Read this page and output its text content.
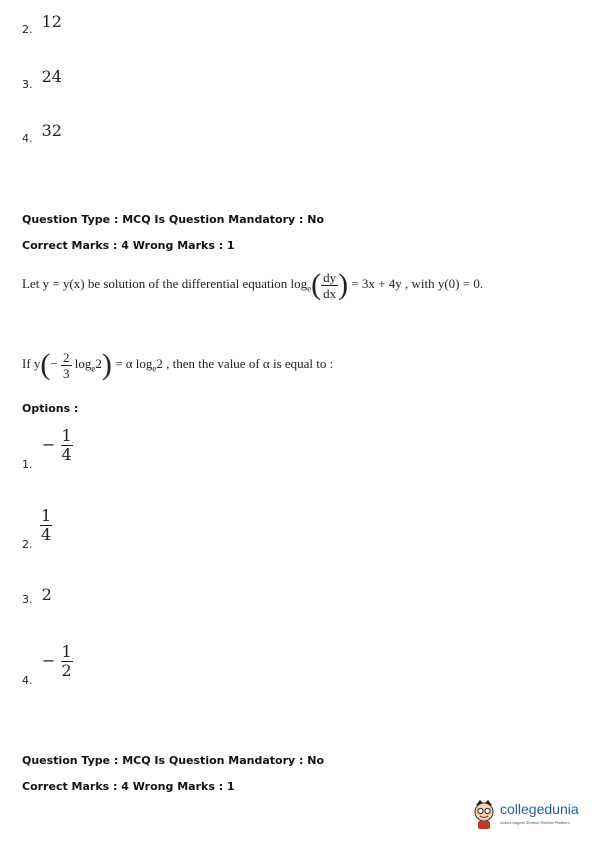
2. 12
3. 24
4. 32
Question Type : MCQ Is Question Mandatory : No
Correct Marks : 4 Wrong Marks : 1
Let y = y(x) be solution of the differential equation $\log_e( \frac{dy}{dx}$ ) = 3x + 4y , with y(0) = 0.
If $y(- \frac{2}{3} \log_e2) = \alpha$ $\log_e2$ , then the value of α is equal to :
Options :
1.
− $\frac{1}{4}$
2.
$\frac{1}{4}$
3. 2
4.
− $\frac{1}{2}$
Question Type : MCQ Is Question Mandatory : No
Correct Marks : 4 Wrong Marks : 1
collegedunia
India's largest Student Review Platform
